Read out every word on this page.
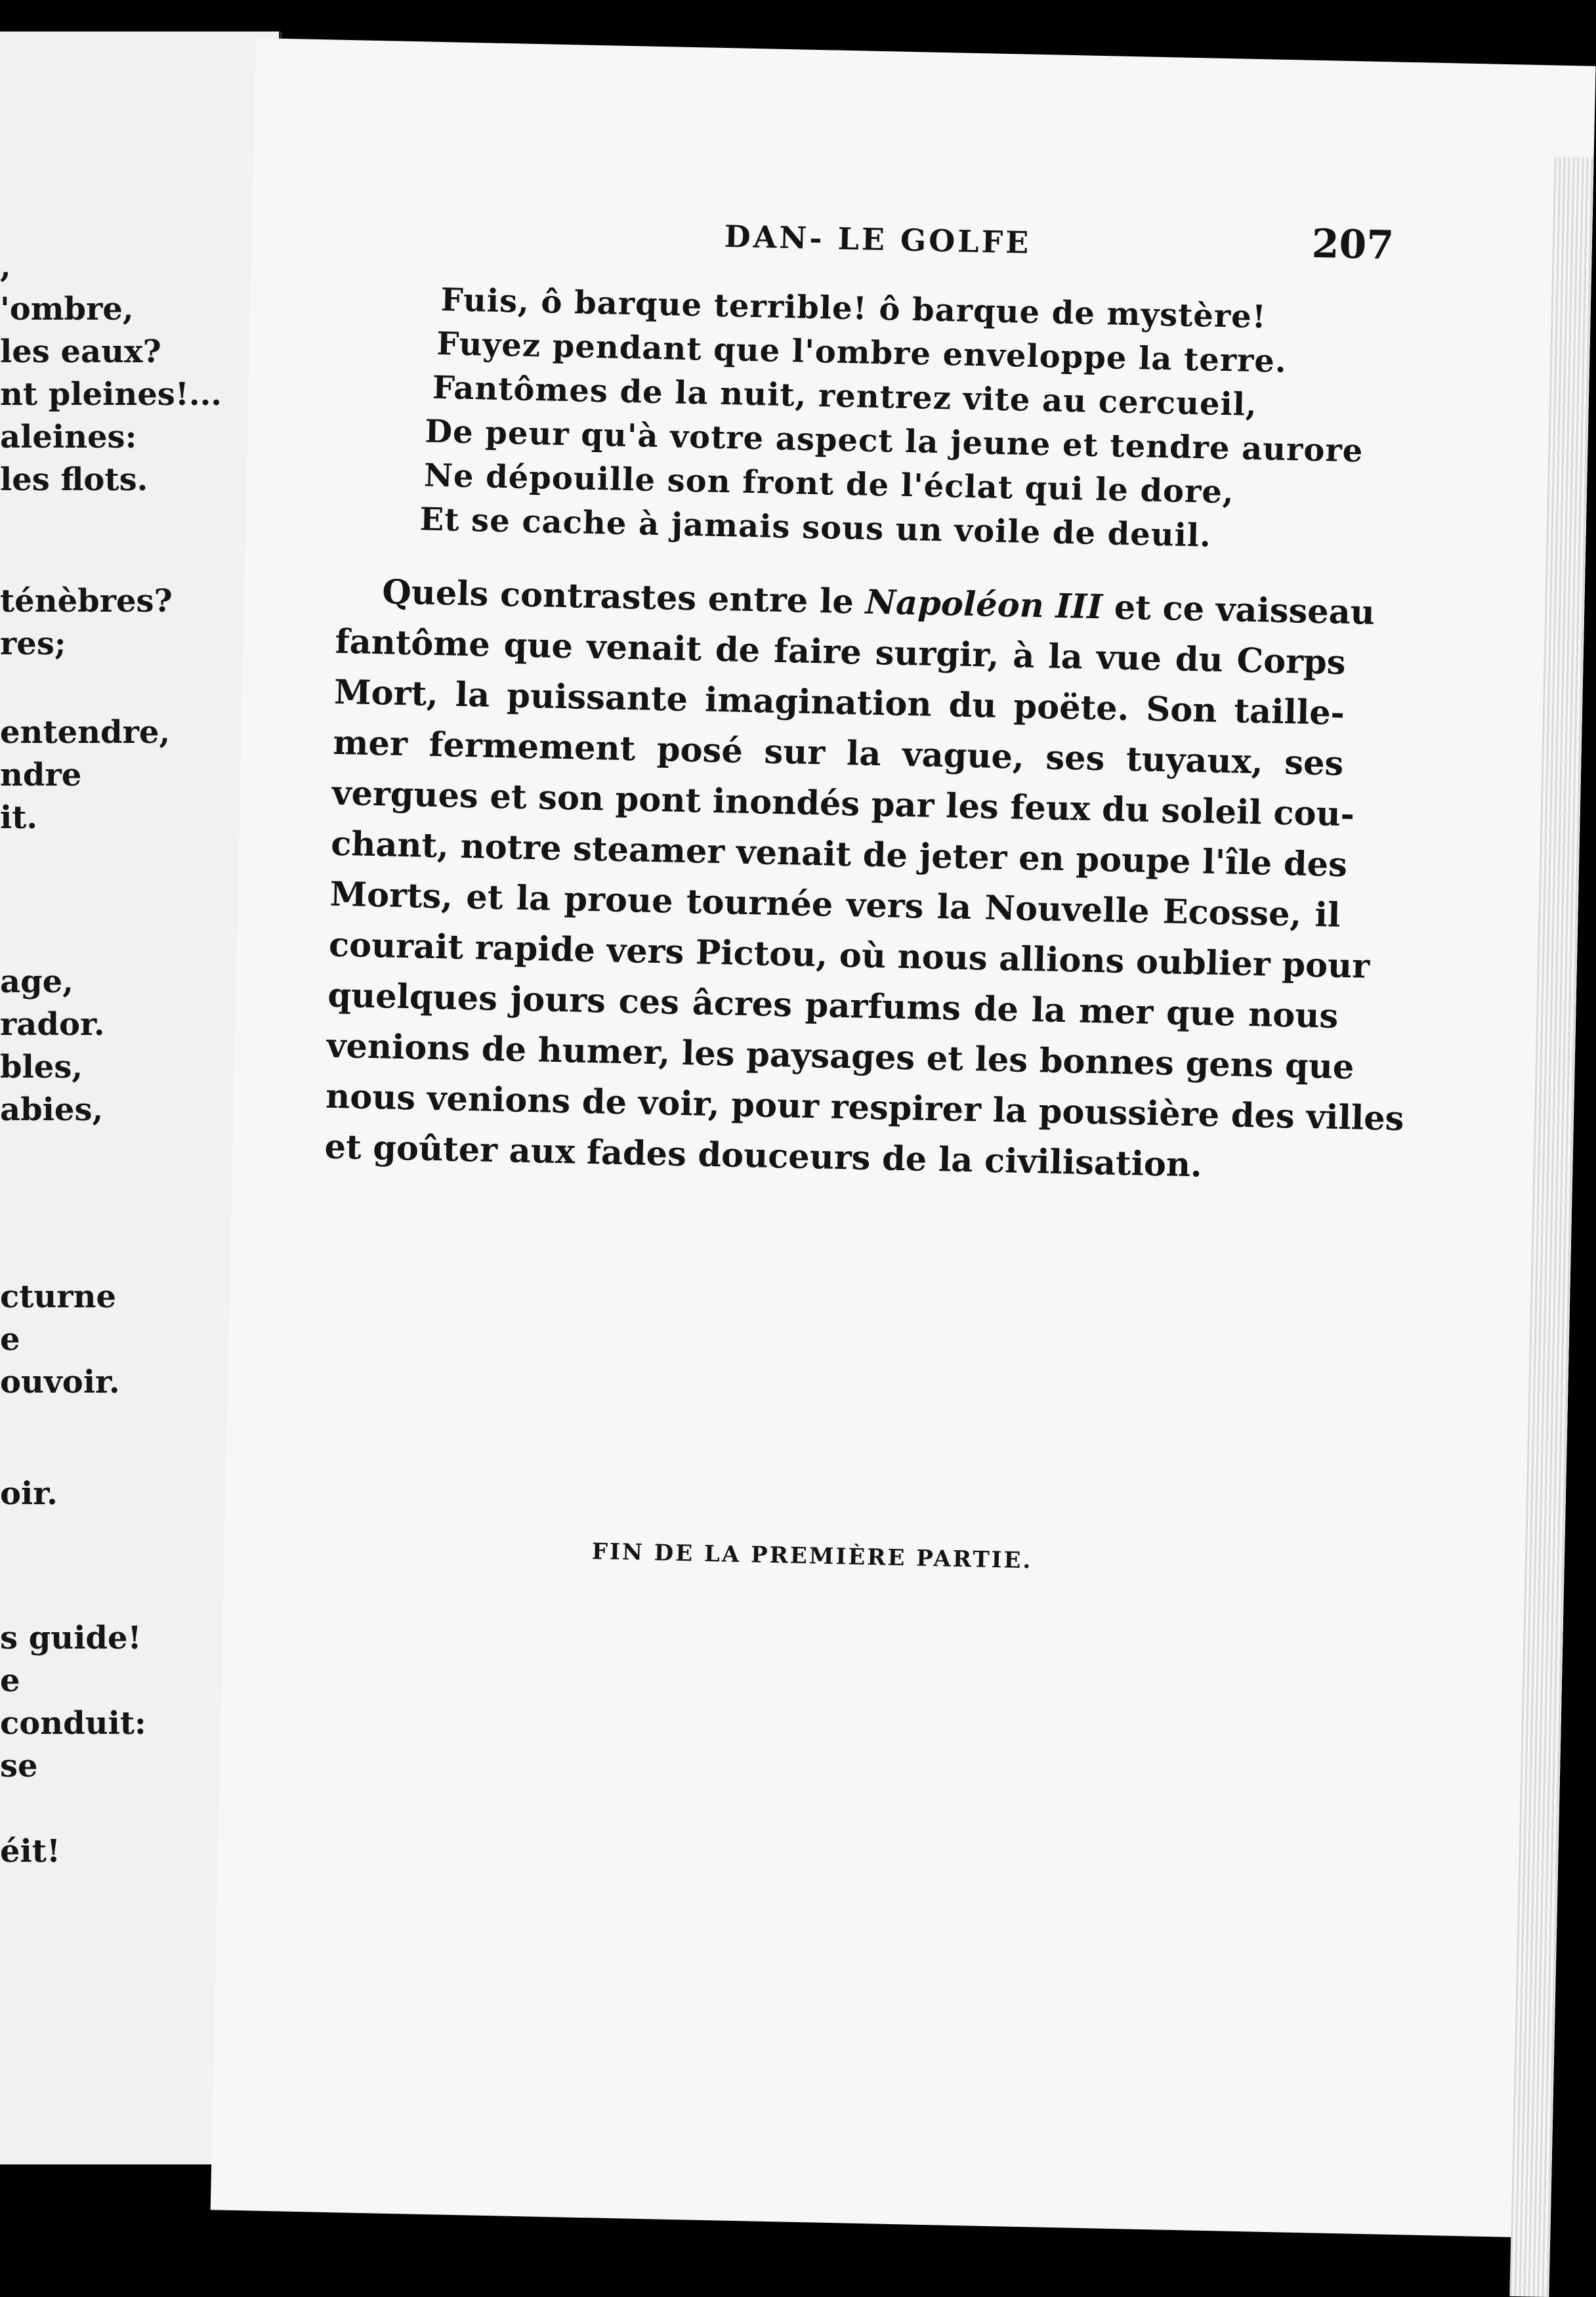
,
'ombre,
les eaux?
nt pleines!...
aleines:
les flots.
ténèbres?
res;
entendre,
ndre
it.
age,
rador.
bles,
abies,
cturne
e
ouvoir.
oir.
s guide!
e
conduit:
se
éit!
DAN- LE GOLFE	207
Fuis, ô barque terrible! ô barque de mystère!
Fuyez pendant que l'ombre enveloppe la terre.
Fantômes de la nuit, rentrez vite au cercueil,
De peur qu'à votre aspect la jeune et tendre aurore
Ne dépouille son front de l'éclat qui le dore,
Et se cache à jamais sous un voile de deuil.
Quels contrastes entre le Napoléon III et ce vaisseau
fantôme que venait de faire surgir, à la vue du Corps
Mort, la puissante imagination du poëte. Son taille-
mer fermement posé sur la vague, ses tuyaux, ses
vergues et son pont inondés par les feux du soleil cou-
chant, notre steamer venait de jeter en poupe l'île des
Morts, et la proue tournée vers la Nouvelle Ecosse, il
courait rapide vers Pictou, où nous allions oublier pour
quelques jours ces âcres parfums de la mer que nous
venions de humer, les paysages et les bonnes gens que
nous venions de voir, pour respirer la poussière des villes
et goûter aux fades douceurs de la civilisation.
FIN DE LA PREMIÈRE PARTIE.
